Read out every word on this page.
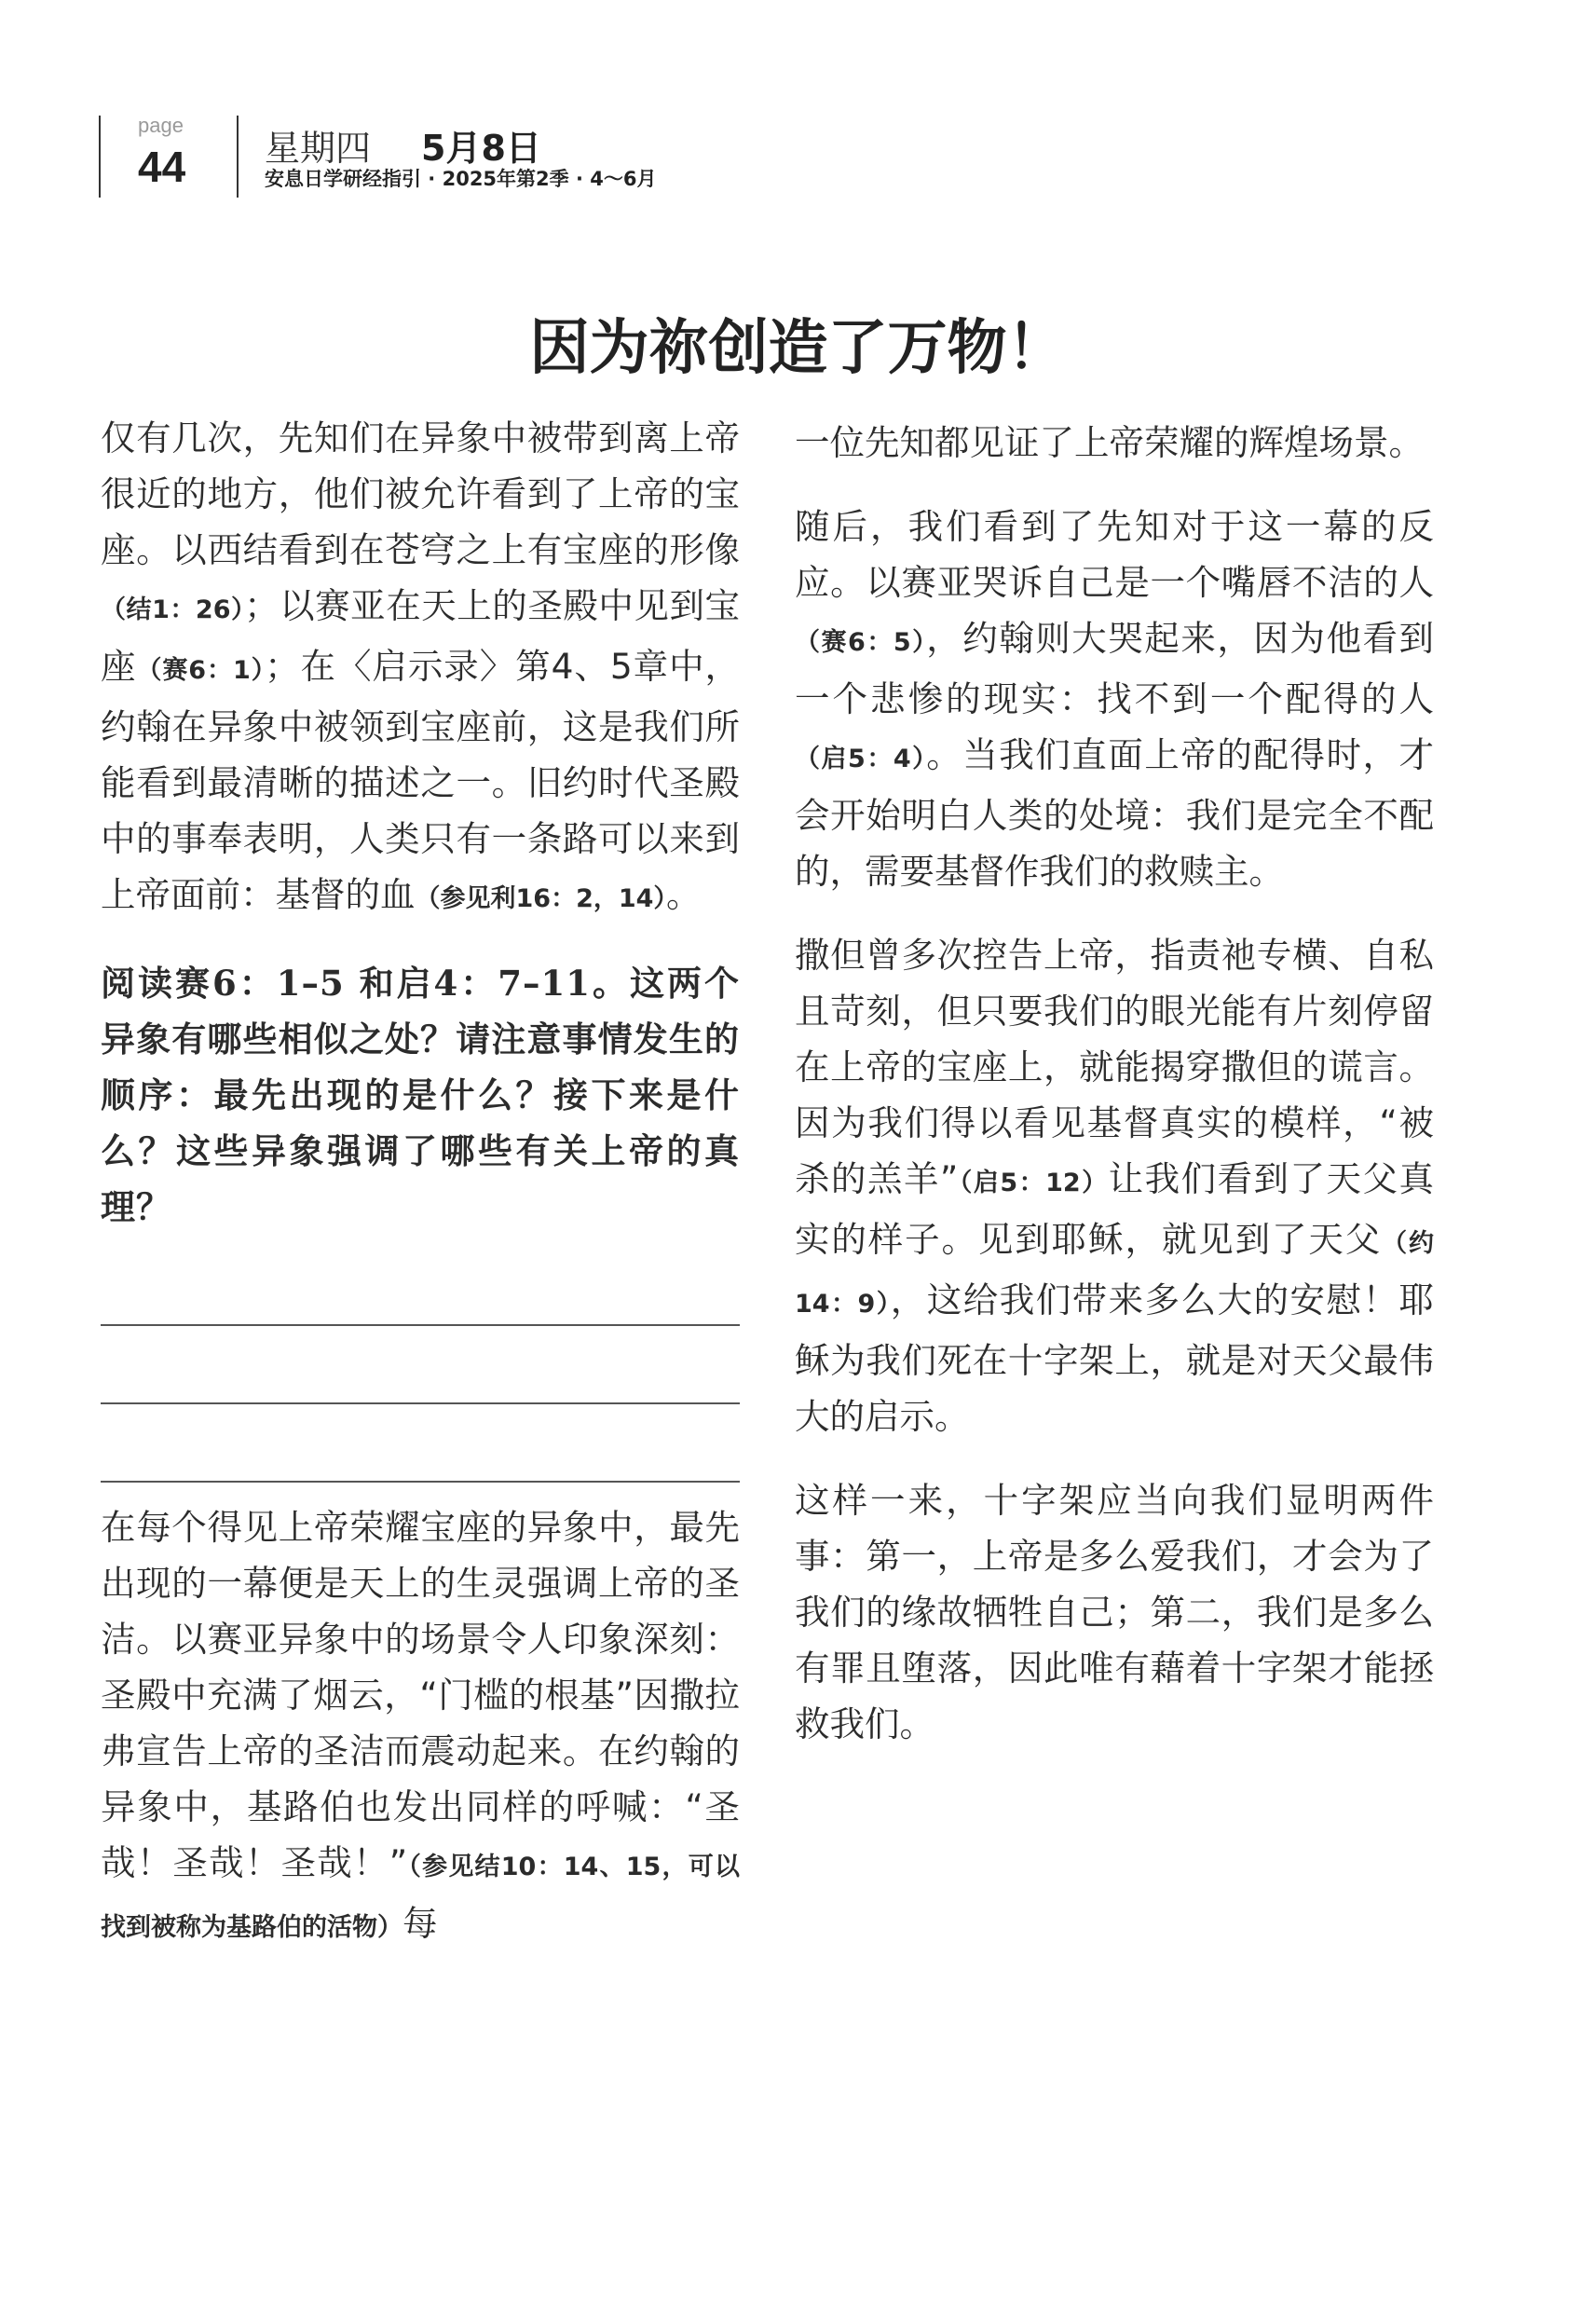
page
44 星期四 5月8日
安息日学研经指引 · 2025年第2季 · 4～6月
因为祢创造了万物！

仅有几次，先知们在异象中被带到离上帝很近的地方，他们被允许看到了上帝的宝座。以西结看到在苍穹之上有宝座的形像（结1：26）；以赛亚在天上的圣殿中见到宝座（赛6：1）；在〈启示录〉第4、5章中，约翰在异象中被领到宝座前，这是我们所能看到最清晰的描述之一。旧约时代圣殿中的事奉表明，人类只有一条路可以来到上帝面前：基督的血（参见利16：2，14）。

阅读赛6：1–5 和启4：7–11。这两个异象有哪些相似之处？请注意事情发生的顺序：最先出现的是什么？接下来是什么？这些异象强调了哪些有关上帝的真理？

在每个得见上帝荣耀宝座的异象中，最先出现的一幕便是天上的生灵强调上帝的圣洁。以赛亚异象中的场景令人印象深刻：圣殿中充满了烟云，“门槛的根基”因撒拉弗宣告上帝的圣洁而震动起来。在约翰的异象中，基路伯也发出同样的呼喊：“圣哉！圣哉！圣哉！”（参见结10：14、15，可以找到被称为基路伯的活物）每

一位先知都见证了上帝荣耀的辉煌场景。

随后，我们看到了先知对于这一幕的反应。以赛亚哭诉自己是一个嘴唇不洁的人（赛6：5），约翰则大哭起来，因为他看到一个悲惨的现实：找不到一个配得的人（启5：4）。当我们直面上帝的配得时，才会开始明白人类的处境：我们是完全不配的，需要基督作我们的救赎主。

撒但曾多次控告上帝，指责祂专横、自私且苛刻，但只要我们的眼光能有片刻停留在上帝的宝座上，就能揭穿撒但的谎言。因为我们得以看见基督真实的模样，“被杀的羔羊”（启5：12）让我们看到了天父真实的样子。见到耶稣，就见到了天父（约14：9），这给我们带来多么大的安慰！耶稣为我们死在十字架上，就是对天父最伟大的启示。

这样一来，十字架应当向我们显明两件事：第一，上帝是多么爱我们，才会为了我们的缘故牺牲自己；第二，我们是多么有罪且堕落，因此唯有藉着十字架才能拯救我们。
